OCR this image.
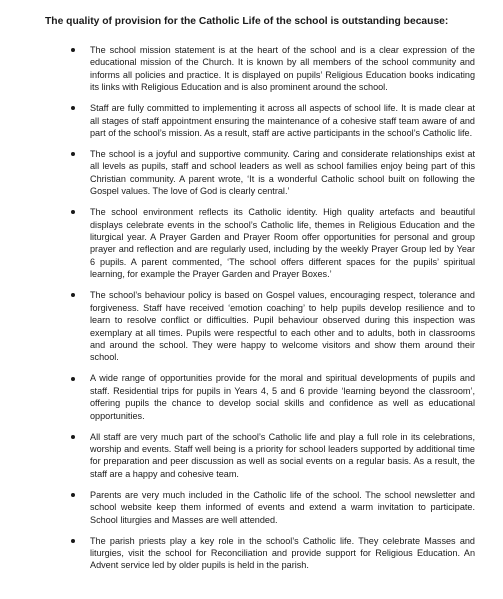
The quality of provision for the Catholic Life of the school is outstanding because:
The school mission statement is at the heart of the school and is a clear expression of the educational mission of the Church. It is known by all members of the school community and informs all policies and practice. It is displayed on pupils’ Religious Education books indicating its links with Religious Education and is also prominent around the school.
Staff are fully committed to implementing it across all aspects of school life. It is made clear at all stages of staff appointment ensuring the maintenance of a cohesive staff team aware of and part of the school’s mission. As a result, staff are active participants in the school’s Catholic life.
The school is a joyful and supportive community. Caring and considerate relationships exist at all levels as pupils, staff and school leaders as well as school families enjoy being part of this Christian community. A parent wrote, ‘It is a wonderful Catholic school built on following the Gospel values. The love of God is clearly central.’
The school environment reflects its Catholic identity. High quality artefacts and beautiful displays celebrate events in the school’s Catholic life, themes in Religious Education and the liturgical year. A Prayer Garden and Prayer Room offer opportunities for personal and group prayer and reflection and are regularly used, including by the weekly Prayer Group led by Year 6 pupils. A parent commented, ‘The school offers different spaces for the pupils’ spiritual learning, for example the Prayer Garden and Prayer Boxes.’
The school’s behaviour policy is based on Gospel values, encouraging respect, tolerance and forgiveness. Staff have received ‘emotion coaching’ to help pupils develop resilience and to learn to resolve conflict or difficulties. Pupil behaviour observed during this inspection was exemplary at all times. Pupils were respectful to each other and to adults, both in classrooms and around the school. They were happy to welcome visitors and show them around their school.
A wide range of opportunities provide for the moral and spiritual developments of pupils and staff. Residential trips for pupils in Years 4, 5 and 6 provide ‘learning beyond the classroom’, offering pupils the chance to develop social skills and confidence as well as educational opportunities.
All staff are very much part of the school’s Catholic life and play a full role in its celebrations, worship and events. Staff well being is a priority for school leaders supported by additional time for preparation and peer discussion as well as social events on a regular basis. As a result, the staff are a happy and cohesive team.
Parents are very much included in the Catholic life of the school. The school newsletter and school website keep them informed of events and extend a warm invitation to participate. School liturgies and Masses are well attended.
The parish priests play a key role in the school’s Catholic life. They celebrate Masses and liturgies, visit the school for Reconciliation and provide support for Religious Education. An Advent service led by older pupils is held in the parish.
